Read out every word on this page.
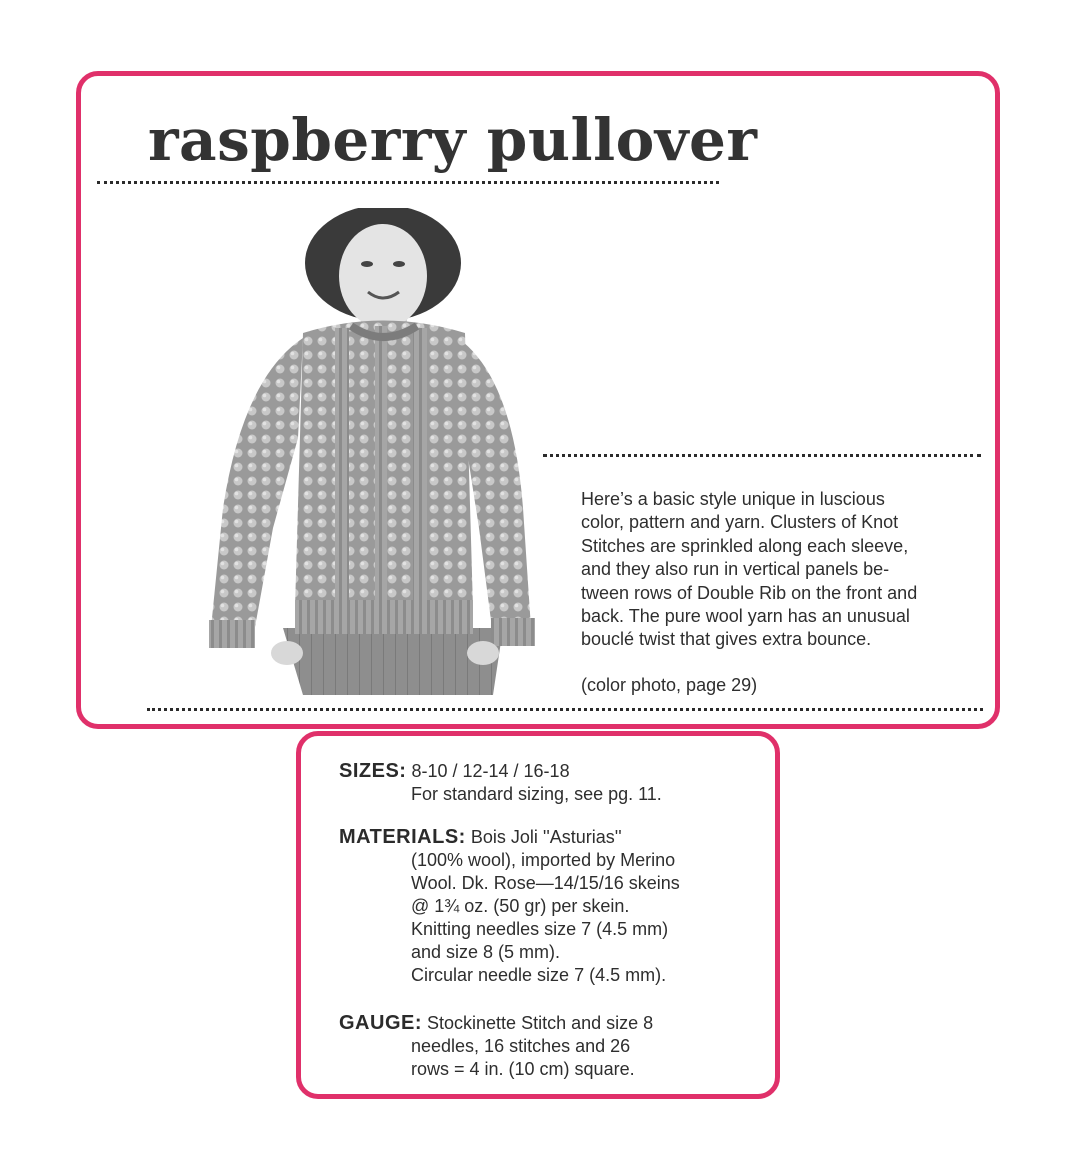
raspberry pullover

Here’s a basic style unique in luscious
color, pattern and yarn. Clusters of Knot
Stitches are sprinkled along each sleeve,
and they also run in vertical panels be-
tween rows of Double Rib on the front and
back. The pure wool yarn has an unusual
bouclé twist that gives extra bounce.

(color photo, page 29)

SIZES: 8-10 / 12-14 / 16-18
For standard sizing, see pg. 11.

MATERIALS: Bois Joli ''Asturias''
(100% wool), imported by Merino
Wool. Dk. Rose—14/15/16 skeins
@ 1¾ oz. (50 gr) per skein.
Knitting needles size 7 (4.5 mm)
and size 8 (5 mm).
Circular needle size 7 (4.5 mm).

GAUGE: Stockinette Stitch and size 8
needles, 16 stitches and 26
rows = 4 in. (10 cm) square.
